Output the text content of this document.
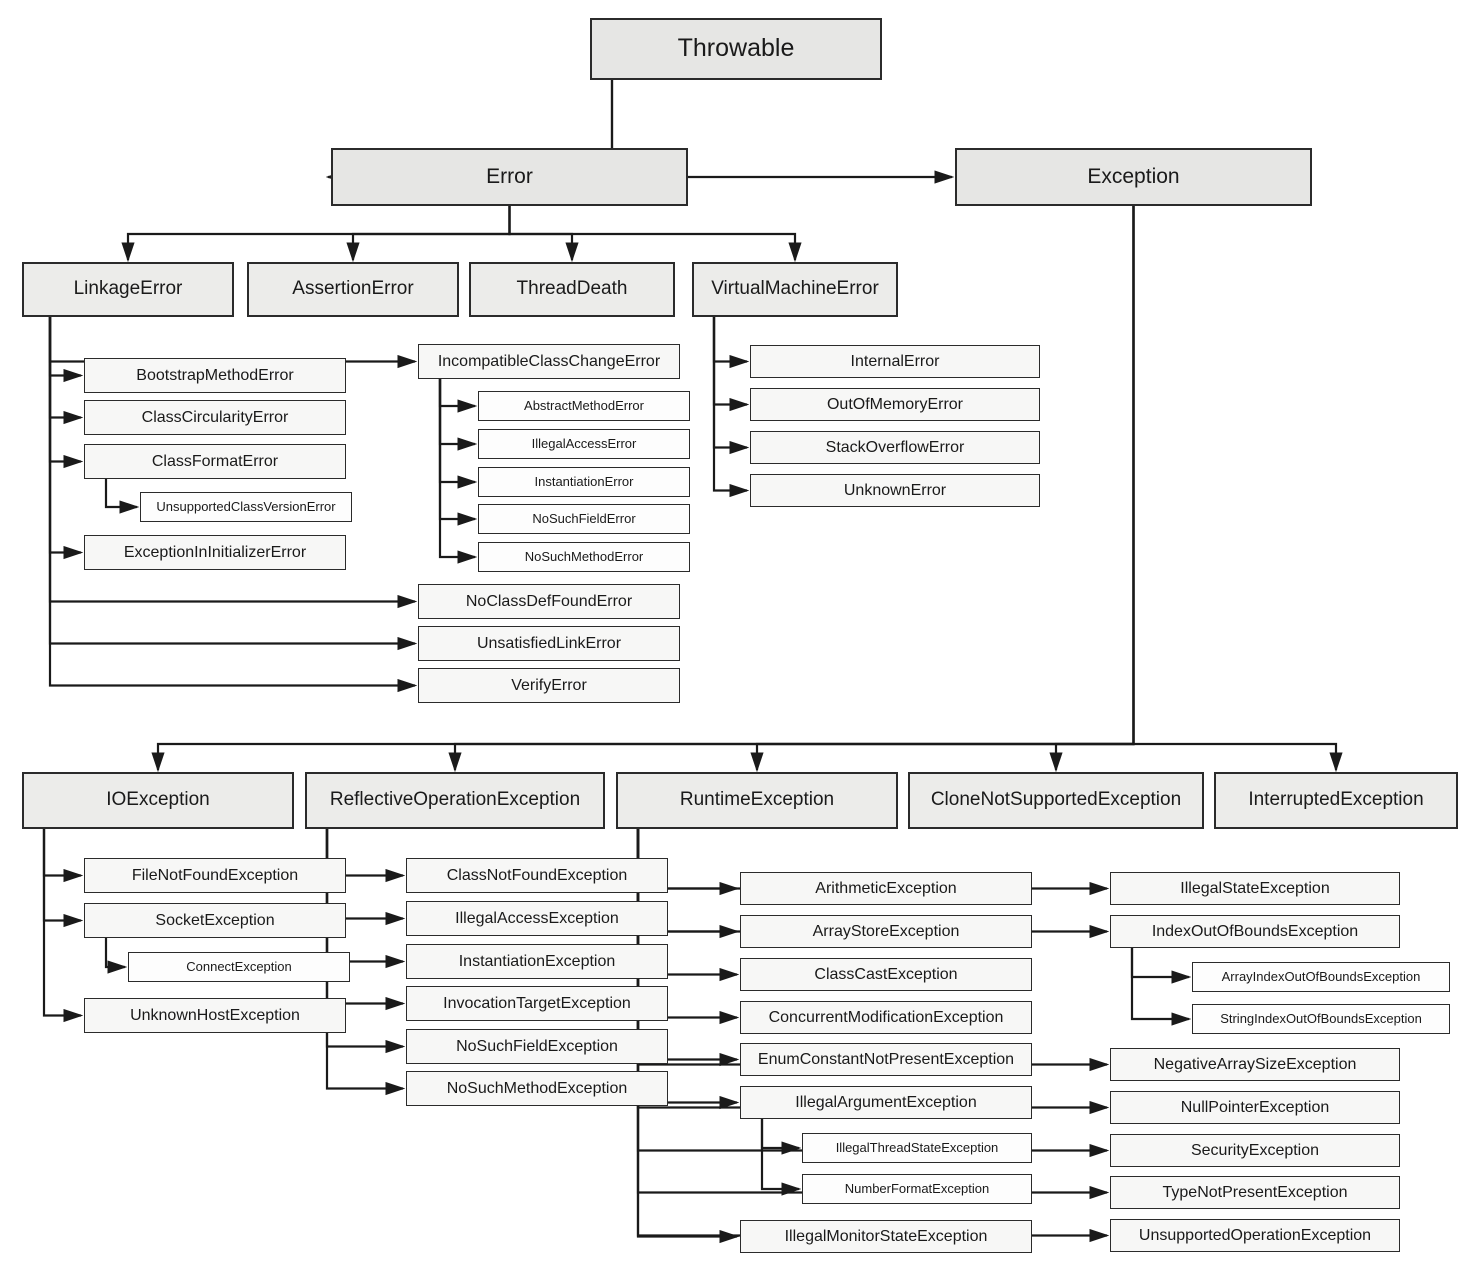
Throwable
Error	Exception
LinkageError	AssertionError	ThreadDeath	VirtualMachineError
BootstrapMethodError
ClassCircularityError
ClassFormatError
UnsupportedClassVersionError
ExceptionInInitializerError
IncompatibleClassChangeError
AbstractMethodError
IllegalAccessError
InstantiationError
NoSuchFieldError
NoSuchMethodError
NoClassDefFoundError
UnsatisfiedLinkError
VerifyError
InternalError
OutOfMemoryError
StackOverflowError
UnknownError
IOException	ReflectiveOperationException	RuntimeException	CloneNotSupportedException	InterruptedException
FileNotFoundException
SocketException
ConnectException
UnknownHostException
ClassNotFoundException
IllegalAccessException
InstantiationException
InvocationTargetException
NoSuchFieldException
NoSuchMethodException
ArithmeticException
ArrayStoreException
ClassCastException
ConcurrentModificationException
EnumConstantNotPresentException
IllegalArgumentException
IllegalThreadStateException
NumberFormatException
IllegalMonitorStateException
IllegalStateException
IndexOutOfBoundsException
ArrayIndexOutOfBoundsException
StringIndexOutOfBoundsException
NegativeArraySizeException
NullPointerException
SecurityException
TypeNotPresentException
UnsupportedOperationException
